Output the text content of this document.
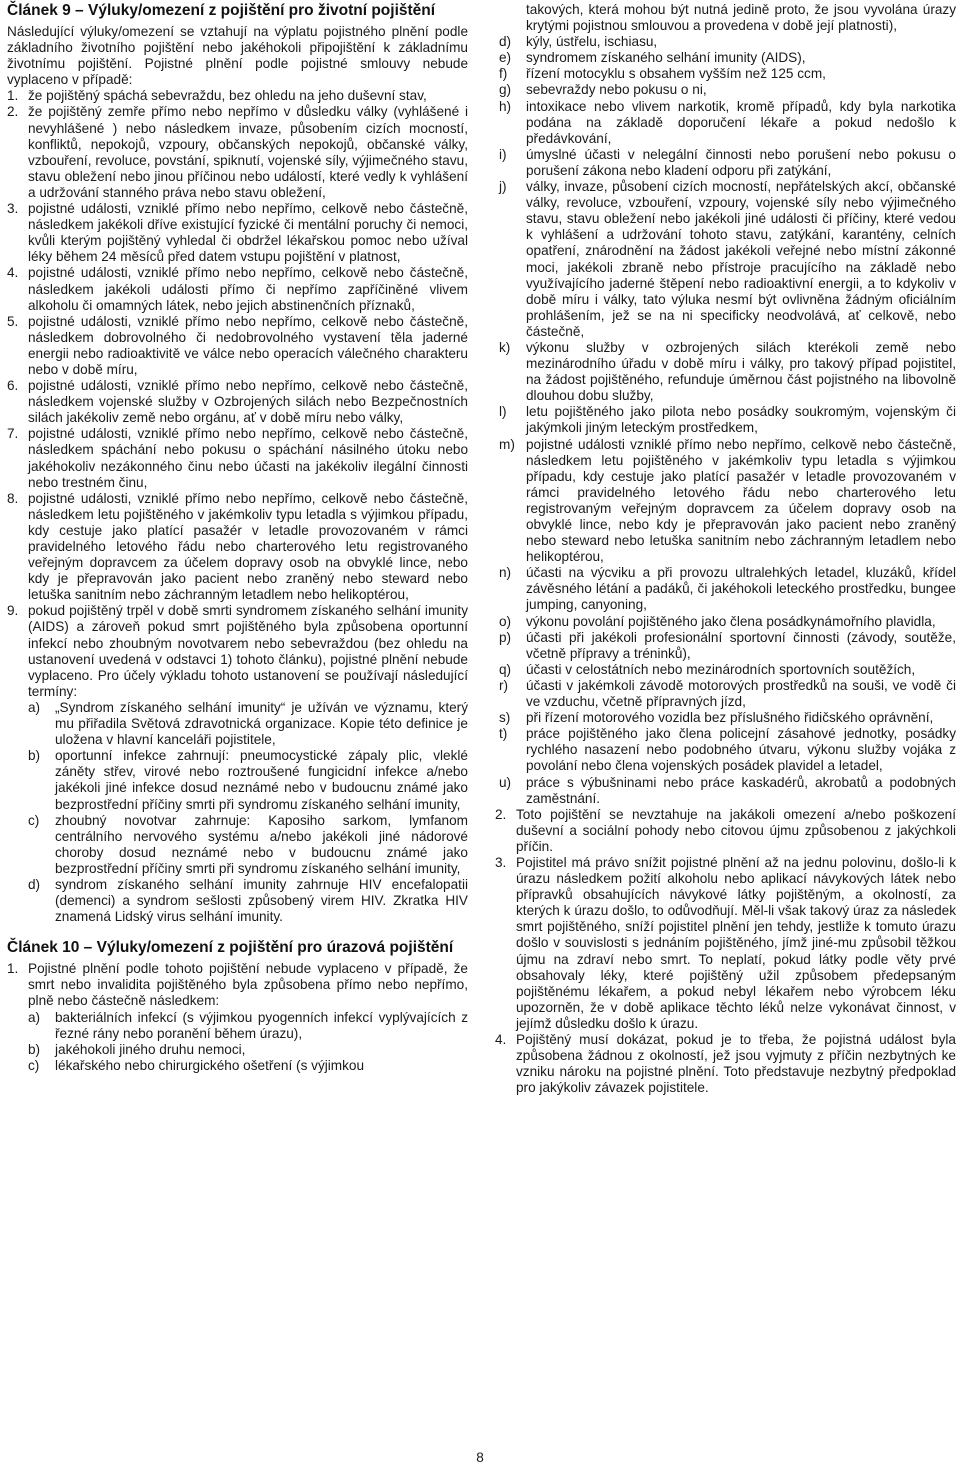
Článek 9 – Výluky/omezení z pojištění pro životní pojištění
Následující výluky/omezení se vztahují na výplatu pojistného plnění podle základního životního pojištění nebo jakéhokoli připojištění k základnímu životnímu pojištění. Pojistné plnění podle pojistné smlouvy nebude vyplaceno v případě:
1. že pojištěný spáchá sebevraždu, bez ohledu na jeho duševní stav,
2. že pojištěný zemře přímo nebo nepřímo v důsledku války (vyhlášené i nevyhlášené ) nebo následkem invaze, působením cizích mocností, konfliktů, nepokojů, vzpoury, občanských nepokojů, občanské války, vzbouření, revoluce, povstání, spiknutí, vojenské síly, výjimečného stavu, stavu obležení nebo jinou příčinou nebo událostí, které vedly k vyhlášení a udržování stanného práva nebo stavu obležení,
3. pojistné události, vzniklé přímo nebo nepřímo, celkově nebo částečně, následkem jakékoli dříve existující fyzické či mentální poruchy či nemoci, kvůli kterým pojištěný vyhledal či obdržel lékařskou pomoc nebo užíval léky během 24 měsíců před datem vstupu pojištění v platnost,
4. pojistné události, vzniklé přímo nebo nepřímo, celkově nebo částečně, následkem jakékoli události přímo či nepřímo zapříčiněné vlivem alkoholu či omamných látek, nebo jejich abstinenčních příznaků,
5. pojistné události, vzniklé přímo nebo nepřímo, celkově nebo částečně, následkem dobrovolného či nedobrovolného vystavení těla jaderné energii nebo radioaktivitě ve válce nebo operacích válečného charakteru nebo v době míru,
6. pojistné události, vzniklé přímo nebo nepřímo, celkově nebo částečně, následkem vojenské služby v Ozbrojených silách nebo Bezpečnostních silách jakékoliv země nebo orgánu, ať v době míru nebo války,
7. pojistné události, vzniklé přímo nebo nepřímo, celkově nebo částečně, následkem spáchání nebo pokusu o spáchání násilného útoku nebo jakéhokoliv nezákonného činu nebo účasti na jakékoliv ilegální činnosti nebo trestném činu,
8. pojistné události, vzniklé přímo nebo nepřímo, celkově nebo částečně, následkem letu pojištěného v jakémkoliv typu letadla s výjimkou případu, kdy cestuje jako platící pasažér v letadle provozovaném v rámci pravidelného letového řádu nebo charterového letu registrovaného veřejným dopravcem za účelem dopravy osob na obvyklé lince, nebo kdy je přepravován jako pacient nebo zraněný nebo steward nebo letuška sanitním nebo záchranným letadlem nebo helikoptérou,
9. pokud pojištěný trpěl v době smrti syndromem získaného selhání imunity (AIDS) a zároveň pokud smrt pojištěného byla způsobena oportunní infekcí nebo zhoubným novotvarem nebo sebevraždou (bez ohledu na ustanovení uvedená v odstavci 1) tohoto článku), pojistné plnění nebude vyplaceno. Pro účely výkladu tohoto ustanovení se používají následující termíny:
a)	„Syndrom získaného selhání imunity“ je užíván ve významu, který mu přiřadila Světová zdravotnická organizace. Kopie této definice je uložena v hlavní kanceláři pojistitele,
b)	oportunní infekce zahrnují: pneumocystické zápaly plic, vleklé záněty střev, virové nebo roztroušené fungicidní infekce a/nebo jakékoli jiné infekce dosud neznámé nebo v budoucnu známé jako bezprostřední příčiny smrti při syndromu získaného selhání imunity,
c)	zhoubný novotvar zahrnuje: Kaposiho sarkom, lymfanom centrálního nervového systému a/nebo jakékoli jiné nádorové choroby dosud neznámé nebo v budoucnu známé jako bezprostřední příčiny smrti při syndromu získaného selhání imunity,
d)	syndrom získaného selhání imunity zahrnuje HIV encefalopatii (demenci) a syndrom sešlosti způsobený virem HIV. Zkratka HIV znamená Lidský virus selhání imunity.
Článek 10 – Výluky/omezení z pojištění pro úrazová pojištění
1. Pojistné plnění podle tohoto pojištění nebude vyplaceno v případě, že smrt nebo invalidita pojištěného byla způsobena přímo nebo nepřímo, plně nebo částečně následkem:
a)	bakteriálních infekcí (s výjimkou pyogenních infekcí vyplývajících z řezné rány nebo poranění během úrazu),
b)	jakéhokoli jiného druhu nemoci,
c)	lékařského nebo chirurgického ošetření (s výjimkou
takových, která mohou být nutná jedině proto, že jsou vyvolána úrazy krytými pojistnou smlouvou a provedena v době její platnosti),
d)	kýly, ústřelu, ischiasu,
e)	syndromem získaného selhání imunity (AIDS),
f)	řízení motocyklu s obsahem vyšším než 125 ccm,
g)	sebevraždy nebo pokusu o ni,
h)	intoxikace nebo vlivem narkotik, kromě případů, kdy byla narkotika podána na základě doporučení lékaře a pokud nedošlo k předávkování,
i)	úmyslné účasti v nelegální činnosti nebo porušení nebo pokusu o porušení zákona nebo kladení odporu při zatýkání,
j)	války, invaze, působení cizích mocností, nepřátelských akcí, občanské války, revoluce, vzbouření, vzpoury, vojenské síly nebo výjimečného stavu, stavu obležení nebo jakékoli jiné události či příčiny, které vedou k vyhlášení a udržování tohoto stavu, zatýkání, karantény, celních opatření, znárodnění na žádost jakékoli veřejné nebo místní zákonné moci, jakékoli zbraně nebo přístroje pracujícího na základě nebo využívajícího jaderné štěpení nebo radioaktivní energii, a to kdykoliv v době míru i války, tato výluka nesmí být ovlivněna žádným oficiálním prohlášením, jež se na ni specificky neodvolává, ať celkově, nebo částečně,
k)	výkonu služby v ozbrojených silách kterékoli země nebo mezinárodního úřadu v době míru i války, pro takový případ pojistitel, na žádost pojištěného, refunduje úměrnou část pojistného na libovolně dlouhou dobu služby,
l)	letu pojištěného jako pilota nebo posádky soukromým, vojenským či jakýmkoli jiným leteckým prostředkem,
m) pojistné události vzniklé přímo nebo nepřímo, celkově nebo částečně, následkem letu pojištěného v jakémkoliv typu letadla s výjimkou případu, kdy cestuje jako platící pasažér v letadle provozovaném v rámci pravidelného letového řádu nebo charterového letu registrovaným veřejným dopravcem za účelem dopravy osob na obvyklé lince, nebo kdy je přepravován jako pacient nebo zraněný nebo steward nebo letuška sanitním nebo záchranným letadlem nebo helikoptérou,
n)	účasti na výcviku a při provozu ultralehkých letadel, kluzáků, křídel závěsného létání a padáků, či jakéhokoli leteckého prostředku, bungee jumping, canyoning,
o)	výkonu povolání pojištěného jako člena posádkynámořního plavidla,
p)	účasti při jakékoli profesionální sportovní činnosti (závody, soutěže, včetně přípravy a tréninků),
q)	účasti v celostátních nebo mezinárodních sportovních soutěžích,
r)	účasti v jakémkoli závodě motorových prostředků na souši, ve vodě či ve vzduchu, včetně přípravných jízd,
s)	při řízení motorového vozidla bez příslušného řidičského oprávnění,
t)	práce pojištěného jako člena policejní zásahové jednotky, posádky rychlého nasazení nebo podobného útvaru, výkonu služby vojáka z povolání nebo člena vojenských posádek plavidel a letadel,
u)	práce s výbušninami nebo práce kaskadérů, akrobatů a podobných zaměstnání.
2. Toto pojištění se nevztahuje na jakákoli omezení a/nebo poškození duševní a sociální pohody nebo citovou újmu způsobenou z jakýchkoli příčin.
3. Pojistitel má právo snížit pojistné plnění až na jednu polovinu, došlo-li k úrazu následkem požití alkoholu nebo aplikací návykových látek nebo přípravků obsahujících návykové látky pojištěným, a okolností, za kterých k úrazu došlo, to odůvodňují. Měl-li však takový úraz za následek smrt pojištěného, sníží pojistitel plnění jen tehdy, jestliže k tomuto úrazu došlo v souvislosti s jednáním pojištěného, jímž jiné-mu způsobil těžkou újmu na zdraví nebo smrt. To neplatí, pokud látky podle věty prvé obsahovaly léky, které pojištěný užil způsobem předepsaným pojištěnému lékařem, a pokud nebyl lékařem nebo výrobcem léku upozorněn, že v době aplikace těchto léků nelze vykonávat činnost, v jejímž důsledku došlo k úrazu.
4. Pojištěný musí dokázat, pokud je to třeba, že pojistná událost byla způsobena žádnou z okolností, jež jsou vyjmuty z příčin nezbytných ke vzniku nároku na pojistné plnění. Toto představuje nezbytný předpoklad pro jakýkoliv závazek pojistitele.
8
